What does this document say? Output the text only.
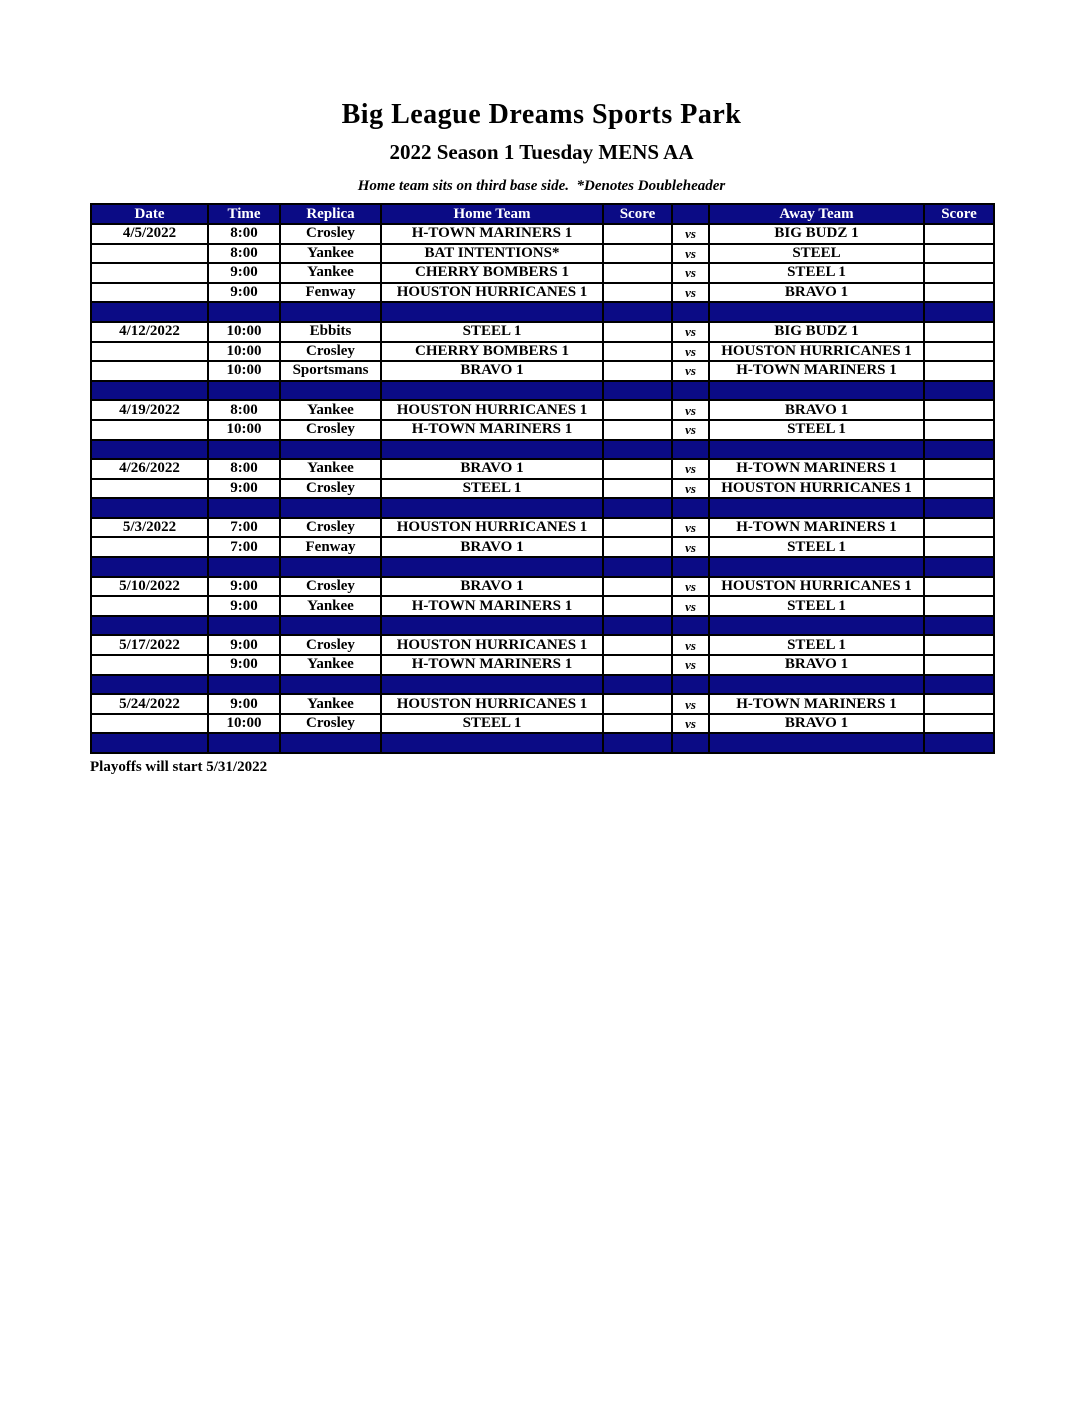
Big League Dreams Sports Park
2022 Season 1 Tuesday MENS AA
Home team sits on third base side.  *Denotes Doubleheader
Date	Time	Replica	Home Team	Score		Away Team	Score
4/5/2022	8:00	Crosley	H-TOWN MARINERS 1		vs	BIG BUDZ 1	
	8:00	Yankee	BAT INTENTIONS*		vs	STEEL	
	9:00	Yankee	CHERRY BOMBERS 1		vs	STEEL 1	
	9:00	Fenway	HOUSTON HURRICANES 1		vs	BRAVO 1	

4/12/2022	10:00	Ebbits	STEEL 1		vs	BIG BUDZ 1	
	10:00	Crosley	CHERRY BOMBERS 1		vs	HOUSTON HURRICANES 1	
	10:00	Sportsmans	BRAVO 1		vs	H-TOWN MARINERS 1	

4/19/2022	8:00	Yankee	HOUSTON HURRICANES 1		vs	BRAVO 1	
	10:00	Crosley	H-TOWN MARINERS 1		vs	STEEL 1	

4/26/2022	8:00	Yankee	BRAVO 1		vs	H-TOWN MARINERS 1	
	9:00	Crosley	STEEL 1		vs	HOUSTON HURRICANES 1	

5/3/2022	7:00	Crosley	HOUSTON HURRICANES 1		vs	H-TOWN MARINERS 1	
	7:00	Fenway	BRAVO 1		vs	STEEL 1	

5/10/2022	9:00	Crosley	BRAVO 1		vs	HOUSTON HURRICANES 1	
	9:00	Yankee	H-TOWN MARINERS 1		vs	STEEL 1	

5/17/2022	9:00	Crosley	HOUSTON HURRICANES 1		vs	STEEL 1	
	9:00	Yankee	H-TOWN MARINERS 1		vs	BRAVO 1	

5/24/2022	9:00	Yankee	HOUSTON HURRICANES 1		vs	H-TOWN MARINERS 1	
	10:00	Crosley	STEEL 1		vs	BRAVO 1	

Playoffs will start 5/31/2022
